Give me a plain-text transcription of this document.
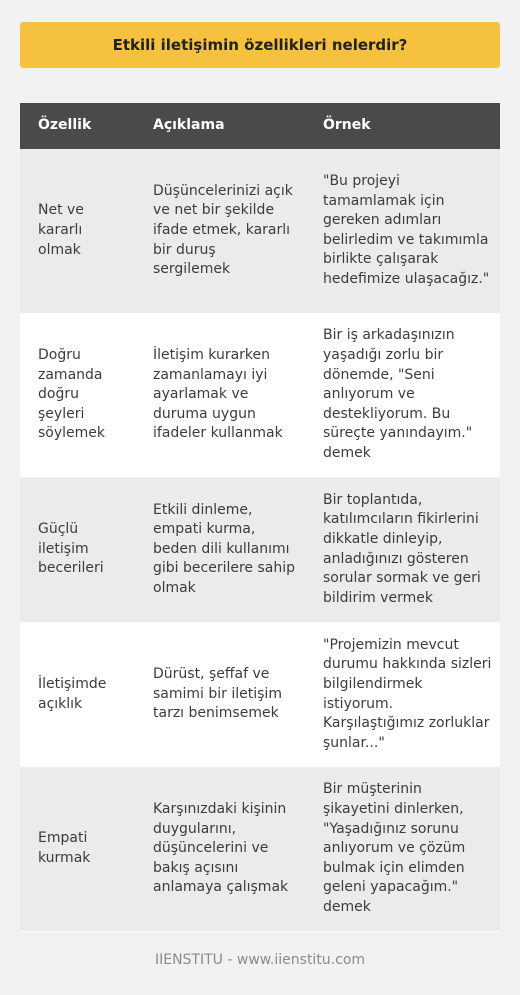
Etkili iletişimin özellikleri nelerdir?
Özellik	Açıklama	Örnek
Net ve kararlı olmak	Düşüncelerinizi açık ve net bir şekilde ifade etmek, kararlı bir duruş sergilemek	"Bu projeyi tamamlamak için gereken adımları belirledim ve takımımla birlikte çalışarak hedefimize ulaşacağız."
Doğru zamanda doğru şeyleri söylemek	İletişim kurarken zamanlamayı iyi ayarlamak ve duruma uygun ifadeler kullanmak	Bir iş arkadaşınızın yaşadığı zorlu bir dönemde, "Seni anlıyorum ve destekliyorum. Bu süreçte yanındayım." demek
Güçlü iletişim becerileri	Etkili dinleme, empati kurma, beden dili kullanımı gibi becerilere sahip olmak	Bir toplantıda, katılımcıların fikirlerini dikkatle dinleyip, anladığınızı gösteren sorular sormak ve geri bildirim vermek
İletişimde açıklık	Dürüst, şeffaf ve samimi bir iletişim tarzı benimsemek	"Projemizin mevcut durumu hakkında sizleri bilgilendirmek istiyorum. Karşılaştığımız zorluklar şunlar..."
Empati kurmak	Karşınızdaki kişinin duygularını, düşüncelerini ve bakış açısını anlamaya çalışmak	Bir müşterinin şikayetini dinlerken, "Yaşadığınız sorunu anlıyorum ve çözüm bulmak için elimden geleni yapacağım." demek
IIENSTITU - www.iienstitu.com
